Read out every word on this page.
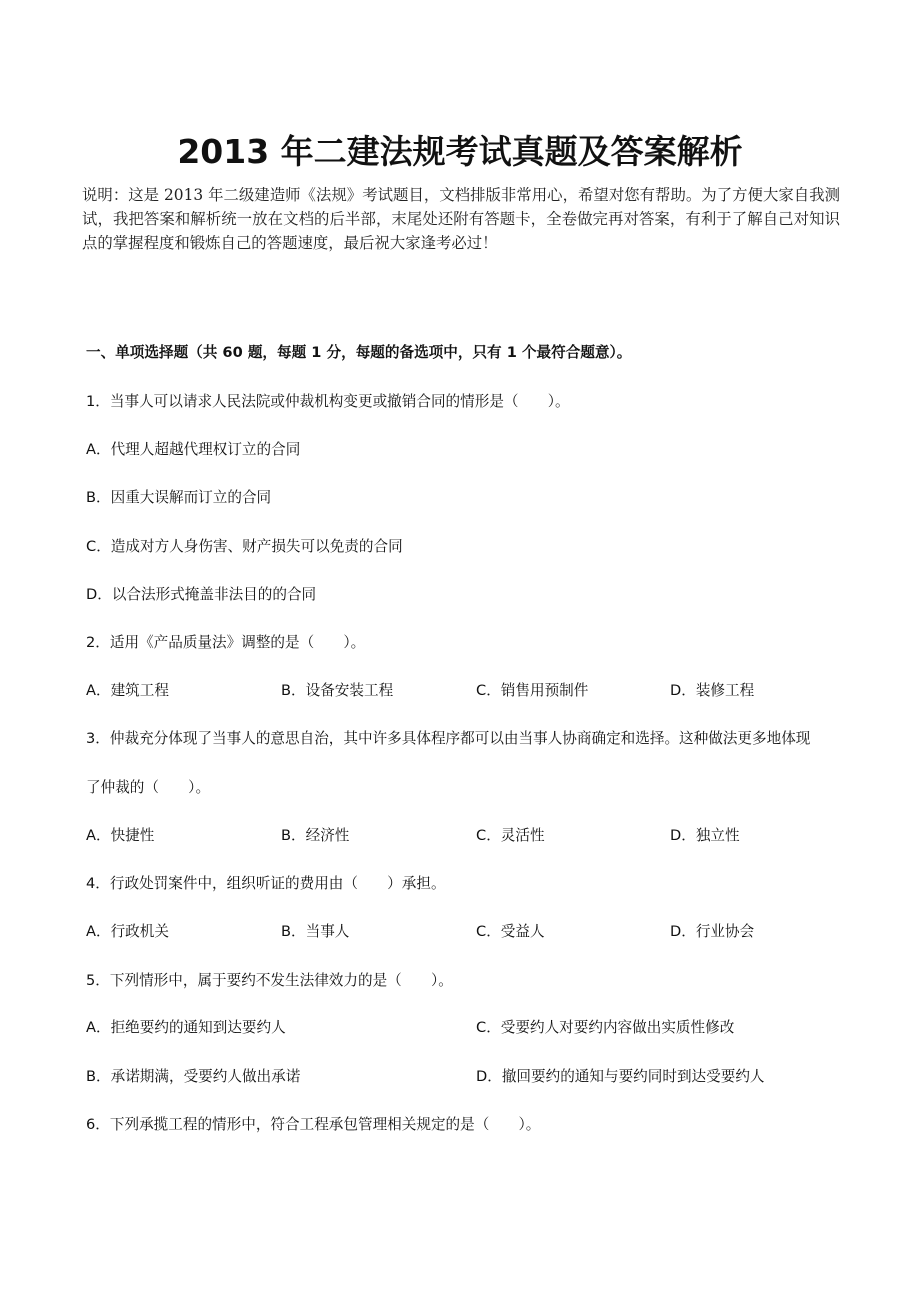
2013 年二建法规考试真题及答案解析
说明：这是 2013 年二级建造师《法规》考试题目，文档排版非常用心，希望对您有帮助。为了方便大家自我测试，我把答案和解析统一放在文档的后半部，末尾处还附有答题卡，全卷做完再对答案，有利于了解自己对知识点的掌握程度和锻炼自己的答题速度，最后祝大家逢考必过！
一、单项选择题（共 60 题，每题 1 分，每题的备选项中，只有 1 个最符合题意）。
1．当事人可以请求人民法院或仲裁机构变更或撤销合同的情形是（　　）。
A．代理人超越代理权订立的合同
B．因重大误解而订立的合同
C．造成对方人身伤害、财产损失可以免责的合同
D．以合法形式掩盖非法目的的合同
2．适用《产品质量法》调整的是（　　）。
A．建筑工程	B．设备安装工程	C．销售用预制件	D．装修工程
3．仲裁充分体现了当事人的意思自治，其中许多具体程序都可以由当事人协商确定和选择。这种做法更多地体现
了仲裁的（　　）。
A．快捷性	B．经济性	C．灵活性	D．独立性
4．行政处罚案件中，组织听证的费用由（　　）承担。
A．行政机关	B．当事人	C．受益人	D．行业协会
5．下列情形中，属于要约不发生法律效力的是（　　）。
A．拒绝要约的通知到达要约人	C．受要约人对要约内容做出实质性修改
B．承诺期满，受要约人做出承诺	D．撤回要约的通知与要约同时到达受要约人
6．下列承揽工程的情形中，符合工程承包管理相关规定的是（　　）。
